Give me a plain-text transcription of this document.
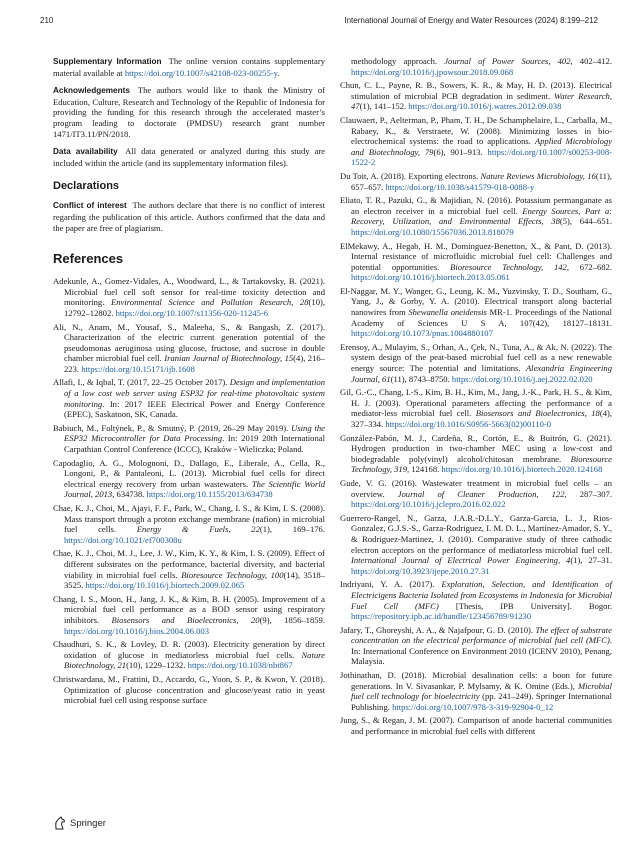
210	International Journal of Energy and Water Resources (2024) 8:199–212

Supplementary Information The online version contains supplementary material available at https://doi.org/10.1007/s42108-023-00255-y.

Acknowledgements The authors would like to thank the Ministry of Education, Culture, Research and Technology of the Republic of Indonesia for providing the funding for this research through the accelerated master’s program leading to doctorate (PMDSU) research grant number 1471/IT3.11/PN/2018.

Data availability All data generated or analyzed during this study are included within the article (and its supplementary information files).

Declarations

Conflict of interest The authors declare that there is no conflict of interest regarding the publication of this article. Authors confirmed that the data and the paper are free of plagiarism.

References

Adekunle, A., Gomez-Vidales, A., Woodward, L., & Tartakovsky, B. (2021). Microbial fuel cell soft sensor for real-time toxicity detection and monitoring. Environmental Science and Pollution Research, 28(10), 12792–12802. https://doi.org/10.1007/s11356-020-11245-6

Ali, N., Anam, M., Yousaf, S., Maleeha, S., & Bangash, Z. (2017). Characterization of the electric current generation potential of the pseudomonas aeruginosa using glucose, fructose, and sucrose in double chamber microbial fuel cell. Iranian Journal of Biotechnology, 15(4), 216–223. https://doi.org/10.15171/ijb.1608

Allafi, I., & Iqbal, T. (2017, 22–25 October 2017). Design and implementation of a low cost web server using ESP32 for real-time photovoltaic system monitoring. In: 2017 IEEE Electrical Power and Energy Conference (EPEC), Saskatoon, SK, Canada.

Babiuch, M., Foltýnek, P., & Smutný, P. (2019, 26–29 May 2019). Using the ESP32 Microcontroller for Data Processing. In: 2019 20th International Carpathian Control Conference (ICCC), Kraków - Wieliczka; Poland.

Capodaglio, A. G., Molognoni, D., Dallago, E., Liberale, A., Cella, R., Longoni, P., & Pantaleoni, L. (2013). Microbial fuel cells for direct electrical energy recovery from urban wastewaters. The Scientific World Journal, 2013, 634738. https://doi.org/10.1155/2013/634738

Chae, K. J., Choi, M., Ajayi, F. F., Park, W., Chang, I. S., & Kim, I. S. (2008). Mass transport through a proton exchange membrane (nafion) in microbial fuel cells. Energy & Fuels, 22(1), 169–176. https://doi.org/10.1021/ef700308u

Chae, K. J., Choi, M. J., Lee, J. W., Kim, K. Y., & Kim, I. S. (2009). Effect of different substrates on the performance, bacterial diversity, and bacterial viability in microbial fuel cells. Bioresource Technology, 100(14), 3518–3525. https://doi.org/10.1016/j.biortech.2009.02.065

Chang, I. S., Moon, H., Jang, J. K., & Kim, B. H. (2005). Improvement of a microbial fuel cell performance as a BOD sensor using respiratory inhibitors. Biosensors and Bioelectronics, 20(9), 1856–1859. https://doi.org/10.1016/j.bios.2004.06.003

Chaudhuri, S. K., & Lovley, D. R. (2003). Electricity generation by direct oxidation of glucose in mediatorless microbial fuel cells. Nature Biotechnology, 21(10), 1229–1232. https://doi.org/10.1038/nbt867

Christwardana, M., Frattini, D., Accardo, G., Yoon, S. P., & Kwon, Y. (2018). Optimization of glucose concentration and glucose/yeast ratio in yeast microbial fuel cell using response surface

methodology approach. Journal of Power Sources, 402, 402–412. https://doi.org/10.1016/j.jpowsour.2018.09.068

Chun, C. L., Payne, R. B., Sowers, K. R., & May, H. D. (2013). Electrical stimulation of microbial PCB degradation in sediment. Water Research, 47(1), 141–152. https://doi.org/10.1016/j.watres.2012.09.038

Clauwaert, P., Aelterman, P., Pham, T. H., De Schamphelaire, L., Carballa, M., Rabaey, K., & Verstraete, W. (2008). Minimizing losses in bio-electrochemical systems: the road to applications. Applied Microbiology and Biotechnology, 79(6), 901–913. https://doi.org/10.1007/s00253-008-1522-2

Du Toit, A. (2018). Exporting electrons. Nature Reviews Microbiology, 16(11), 657–657. https://doi.org/10.1038/s41579-018-0088-y

Eliato, T. R., Pazuki, G., & Majidian, N. (2016). Potassium permanganate as an electron receiver in a microbial fuel cell. Energy Sources, Part a: Recovery, Utilization, and Environmental Effects, 38(5), 644–651. https://doi.org/10.1080/15567036.2013.818079

ElMekawy, A., Hegab, H. M., Dominguez-Benetton, X., & Pant, D. (2013). Internal resistance of microfluidic microbial fuel cell: Challenges and potential opportunities. Bioresource Technology, 142, 672–682. https://doi.org/10.1016/j.biortech.2013.05.061

El-Naggar, M. Y., Wanger, G., Leung, K. M., Yuzvinsky, T. D., Southam, G., Yang, J., & Gorby, Y. A. (2010). Electrical transport along bacterial nanowires from Shewanella oneidensis MR-1. Proceedings of the National Academy of Sciences U S A, 107(42), 18127–18131. https://doi.org/10.1073/pnas.1004880107

Erensoy, A., Mulayim, S., Orhan, A., Çek, N., Tuna, A., & Ak, N. (2022). The system design of the peat-based microbial fuel cell as a new renewable energy source: The potential and limitations. Alexandria Engineering Journal, 61(11), 8743–8750. https://doi.org/10.1016/j.aej.2022.02.020

Gil, G.-C., Chang, I.-S., Kim, B. H., Kim, M., Jang, J.-K., Park, H. S., & Kim, H. J. (2003). Operational parameters affecting the performance of a mediator-less microbial fuel cell. Biosensors and Bioelectronics, 18(4), 327–334. https://doi.org/10.1016/S0956-5663(02)00110-0

González-Pabón, M. J., Cardeña, R., Cortón, E., & Buitrón, G. (2021). Hydrogen production in two-chamber MEC using a low-cost and biodegradable poly(vinyl) alcohol/chitosan membrane. Bioresource Technology, 319, 124168. https://doi.org/10.1016/j.biortech.2020.124168

Gude, V. G. (2016). Wastewater treatment in microbial fuel cells – an overview. Journal of Cleaner Production, 122, 287–307. https://doi.org/10.1016/j.jclepro.2016.02.022

Guerrero-Rangel, N., Garza, J.A.R.-D.L.Y., Garza-Garcia, L. J., Rios-Gonzalez, G.J.S.-S., Garza-Rodriguez, I. M. D. L., Martinez-Amador, S. Y., & Rodriguez-Martinez, J. (2010). Comparative study of three cathodic electron acceptors on the performance of mediatorless microbial fuel cell. International Journal of Electrical Power Engineering, 4(1), 27–31. https://doi.org/10.3923/ijepe.2010.27.31

Indriyani, Y. A. (2017). Exploration, Selection, and Identification of Electricigens Bacteria Isolated from Ecosystems in Indonesia for Microbial Fuel Cell (MFC) [Thesis, IPB University]. Bogor. https://repository.ipb.ac.id/handle/123456789/91230

Jafary, T., Ghoreyshi, A. A., & Najafpour, G. D. (2010). The effect of substrate concentration on the electrical performance of microbial fuel cell (MFC). In: International Conference on Environment 2010 (ICENV 2010), Penang, Malaysia.

Jothinathan, D. (2018). Microbial desalination cells: a boon for future generations. In V. Sivasankar, P. Mylsamy, & K. Omine (Eds.), Microbial fuel cell technology for bioelectricity (pp. 241–249). Springer International Publishing. https://doi.org/10.1007/978-3-319-92904-0_12

Jung, S., & Regan, J. M. (2007). Comparison of anode bacterial communities and performance in microbial fuel cells with different

Springer
